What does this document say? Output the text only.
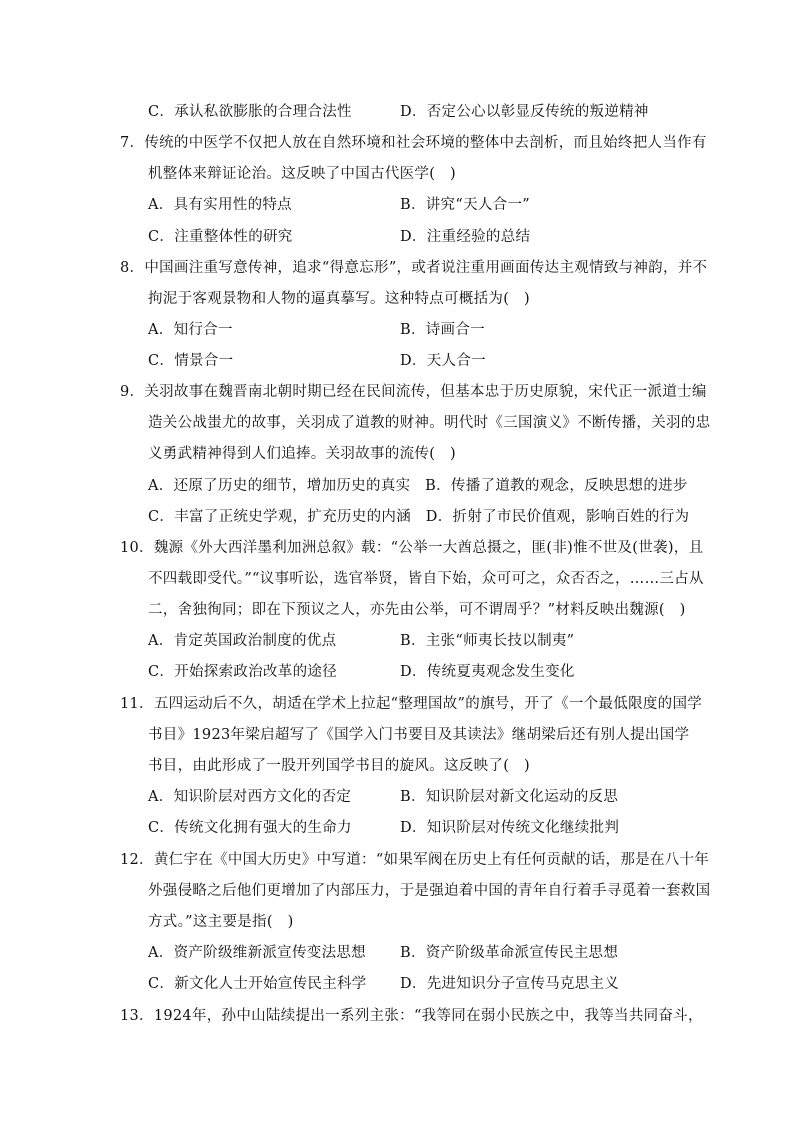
C．承认私欲膨胀的合理合法性	D．否定公心以彰显反传统的叛逆精神
7．传统的中医学不仅把人放在自然环境和社会环境的整体中去剖析，而且始终把人当作有
机整体来辩证论治。这反映了中国古代医学(　)
A．具有实用性的特点	B．讲究“天人合一”
C．注重整体性的研究	D．注重经验的总结
8．中国画注重写意传神，追求“得意忘形”，或者说注重用画面传达主观情致与神韵，并不
拘泥于客观景物和人物的逼真摹写。这种特点可概括为(　)
A．知行合一	B．诗画合一
C．情景合一	D．天人合一
9．关羽故事在魏晋南北朝时期已经在民间流传，但基本忠于历史原貌，宋代正一派道士编
造关公战蚩尤的故事，关羽成了道教的财神。明代时《三国演义》不断传播，关羽的忠
义勇武精神得到人们追捧。关羽故事的流传(　)
A．还原了历史的细节，增加历史的真实　B．传播了道教的观念，反映思想的进步
C．丰富了正统史学观，扩充历史的内涵　D．折射了市民价值观，影响百姓的行为
10．魏源《外大西洋墨利加洲总叙》载：“公举一大酋总摄之，匪(非)惟不世及(世袭)，且
不四载即受代。”“议事听讼，选官举贤，皆自下始，众可可之，众否否之，……三占从
二，舍独徇同；即在下预议之人，亦先由公举，可不谓周乎？”材料反映出魏源(　)
A．肯定英国政治制度的优点	B．主张“师夷长技以制夷”
C．开始探索政治改革的途径	D．传统夏夷观念发生变化
11．五四运动后不久，胡适在学术上拉起“整理国故”的旗号，开了《一个最低限度的国学
书目》1923年梁启超写了《国学入门书要目及其读法》继胡梁后还有别人提出国学
书目，由此形成了一股开列国学书目的旋风。这反映了(　)
A．知识阶层对西方文化的否定	B．知识阶层对新文化运动的反思
C．传统文化拥有强大的生命力	D．知识阶层对传统文化继续批判
12．黄仁宇在《中国大历史》中写道：“如果军阀在历史上有任何贡献的话，那是在八十年
外强侵略之后他们更增加了内部压力，于是强迫着中国的青年自行着手寻觅着一套救国
方式。”这主要是指(　)
A．资产阶级维新派宣传变法思想 B．资产阶级革命派宣传民主思想
C．新文化人士开始宣传民主科学 D．先进知识分子宣传马克思主义
13．1924年，孙中山陆续提出一系列主张：“我等同在弱小民族之中，我等当共同奋斗，
